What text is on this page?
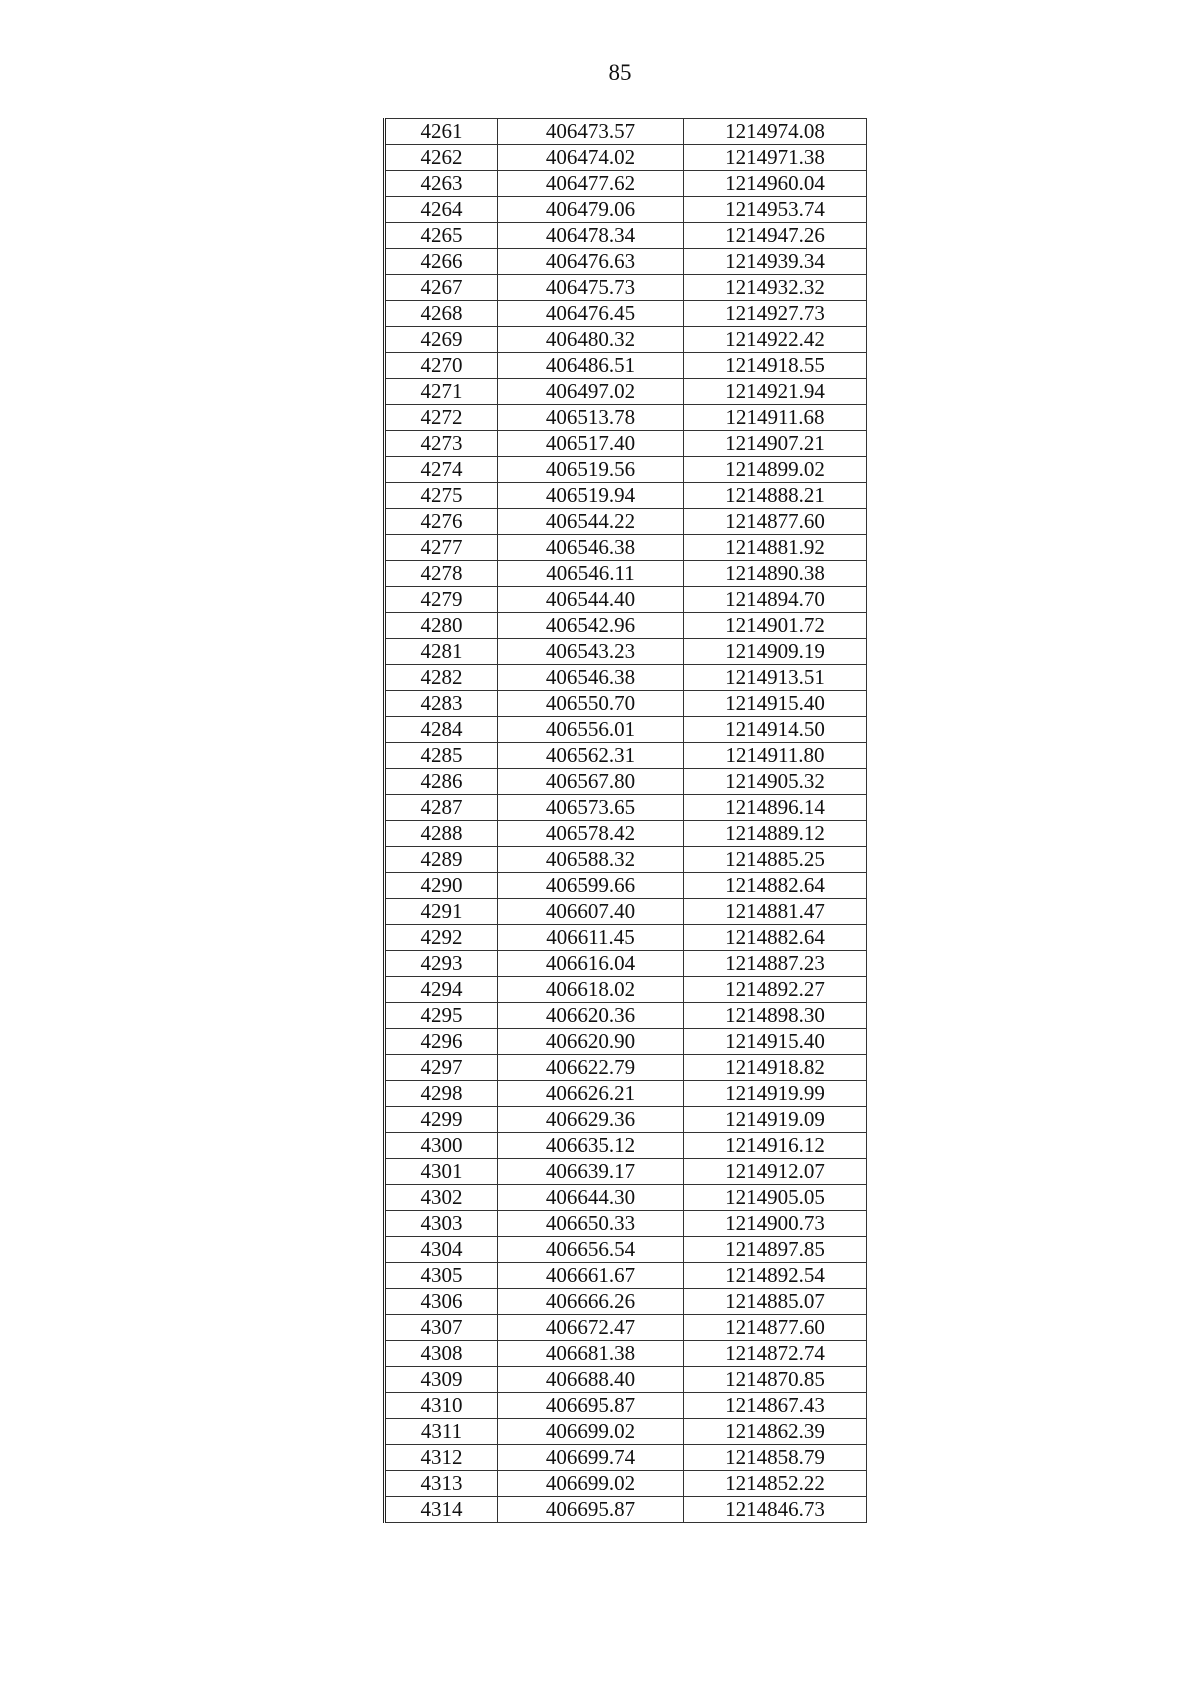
85
4261	406473.57	1214974.08
4262	406474.02	1214971.38
4263	406477.62	1214960.04
4264	406479.06	1214953.74
4265	406478.34	1214947.26
4266	406476.63	1214939.34
4267	406475.73	1214932.32
4268	406476.45	1214927.73
4269	406480.32	1214922.42
4270	406486.51	1214918.55
4271	406497.02	1214921.94
4272	406513.78	1214911.68
4273	406517.40	1214907.21
4274	406519.56	1214899.02
4275	406519.94	1214888.21
4276	406544.22	1214877.60
4277	406546.38	1214881.92
4278	406546.11	1214890.38
4279	406544.40	1214894.70
4280	406542.96	1214901.72
4281	406543.23	1214909.19
4282	406546.38	1214913.51
4283	406550.70	1214915.40
4284	406556.01	1214914.50
4285	406562.31	1214911.80
4286	406567.80	1214905.32
4287	406573.65	1214896.14
4288	406578.42	1214889.12
4289	406588.32	1214885.25
4290	406599.66	1214882.64
4291	406607.40	1214881.47
4292	406611.45	1214882.64
4293	406616.04	1214887.23
4294	406618.02	1214892.27
4295	406620.36	1214898.30
4296	406620.90	1214915.40
4297	406622.79	1214918.82
4298	406626.21	1214919.99
4299	406629.36	1214919.09
4300	406635.12	1214916.12
4301	406639.17	1214912.07
4302	406644.30	1214905.05
4303	406650.33	1214900.73
4304	406656.54	1214897.85
4305	406661.67	1214892.54
4306	406666.26	1214885.07
4307	406672.47	1214877.60
4308	406681.38	1214872.74
4309	406688.40	1214870.85
4310	406695.87	1214867.43
4311	406699.02	1214862.39
4312	406699.74	1214858.79
4313	406699.02	1214852.22
4314	406695.87	1214846.73
